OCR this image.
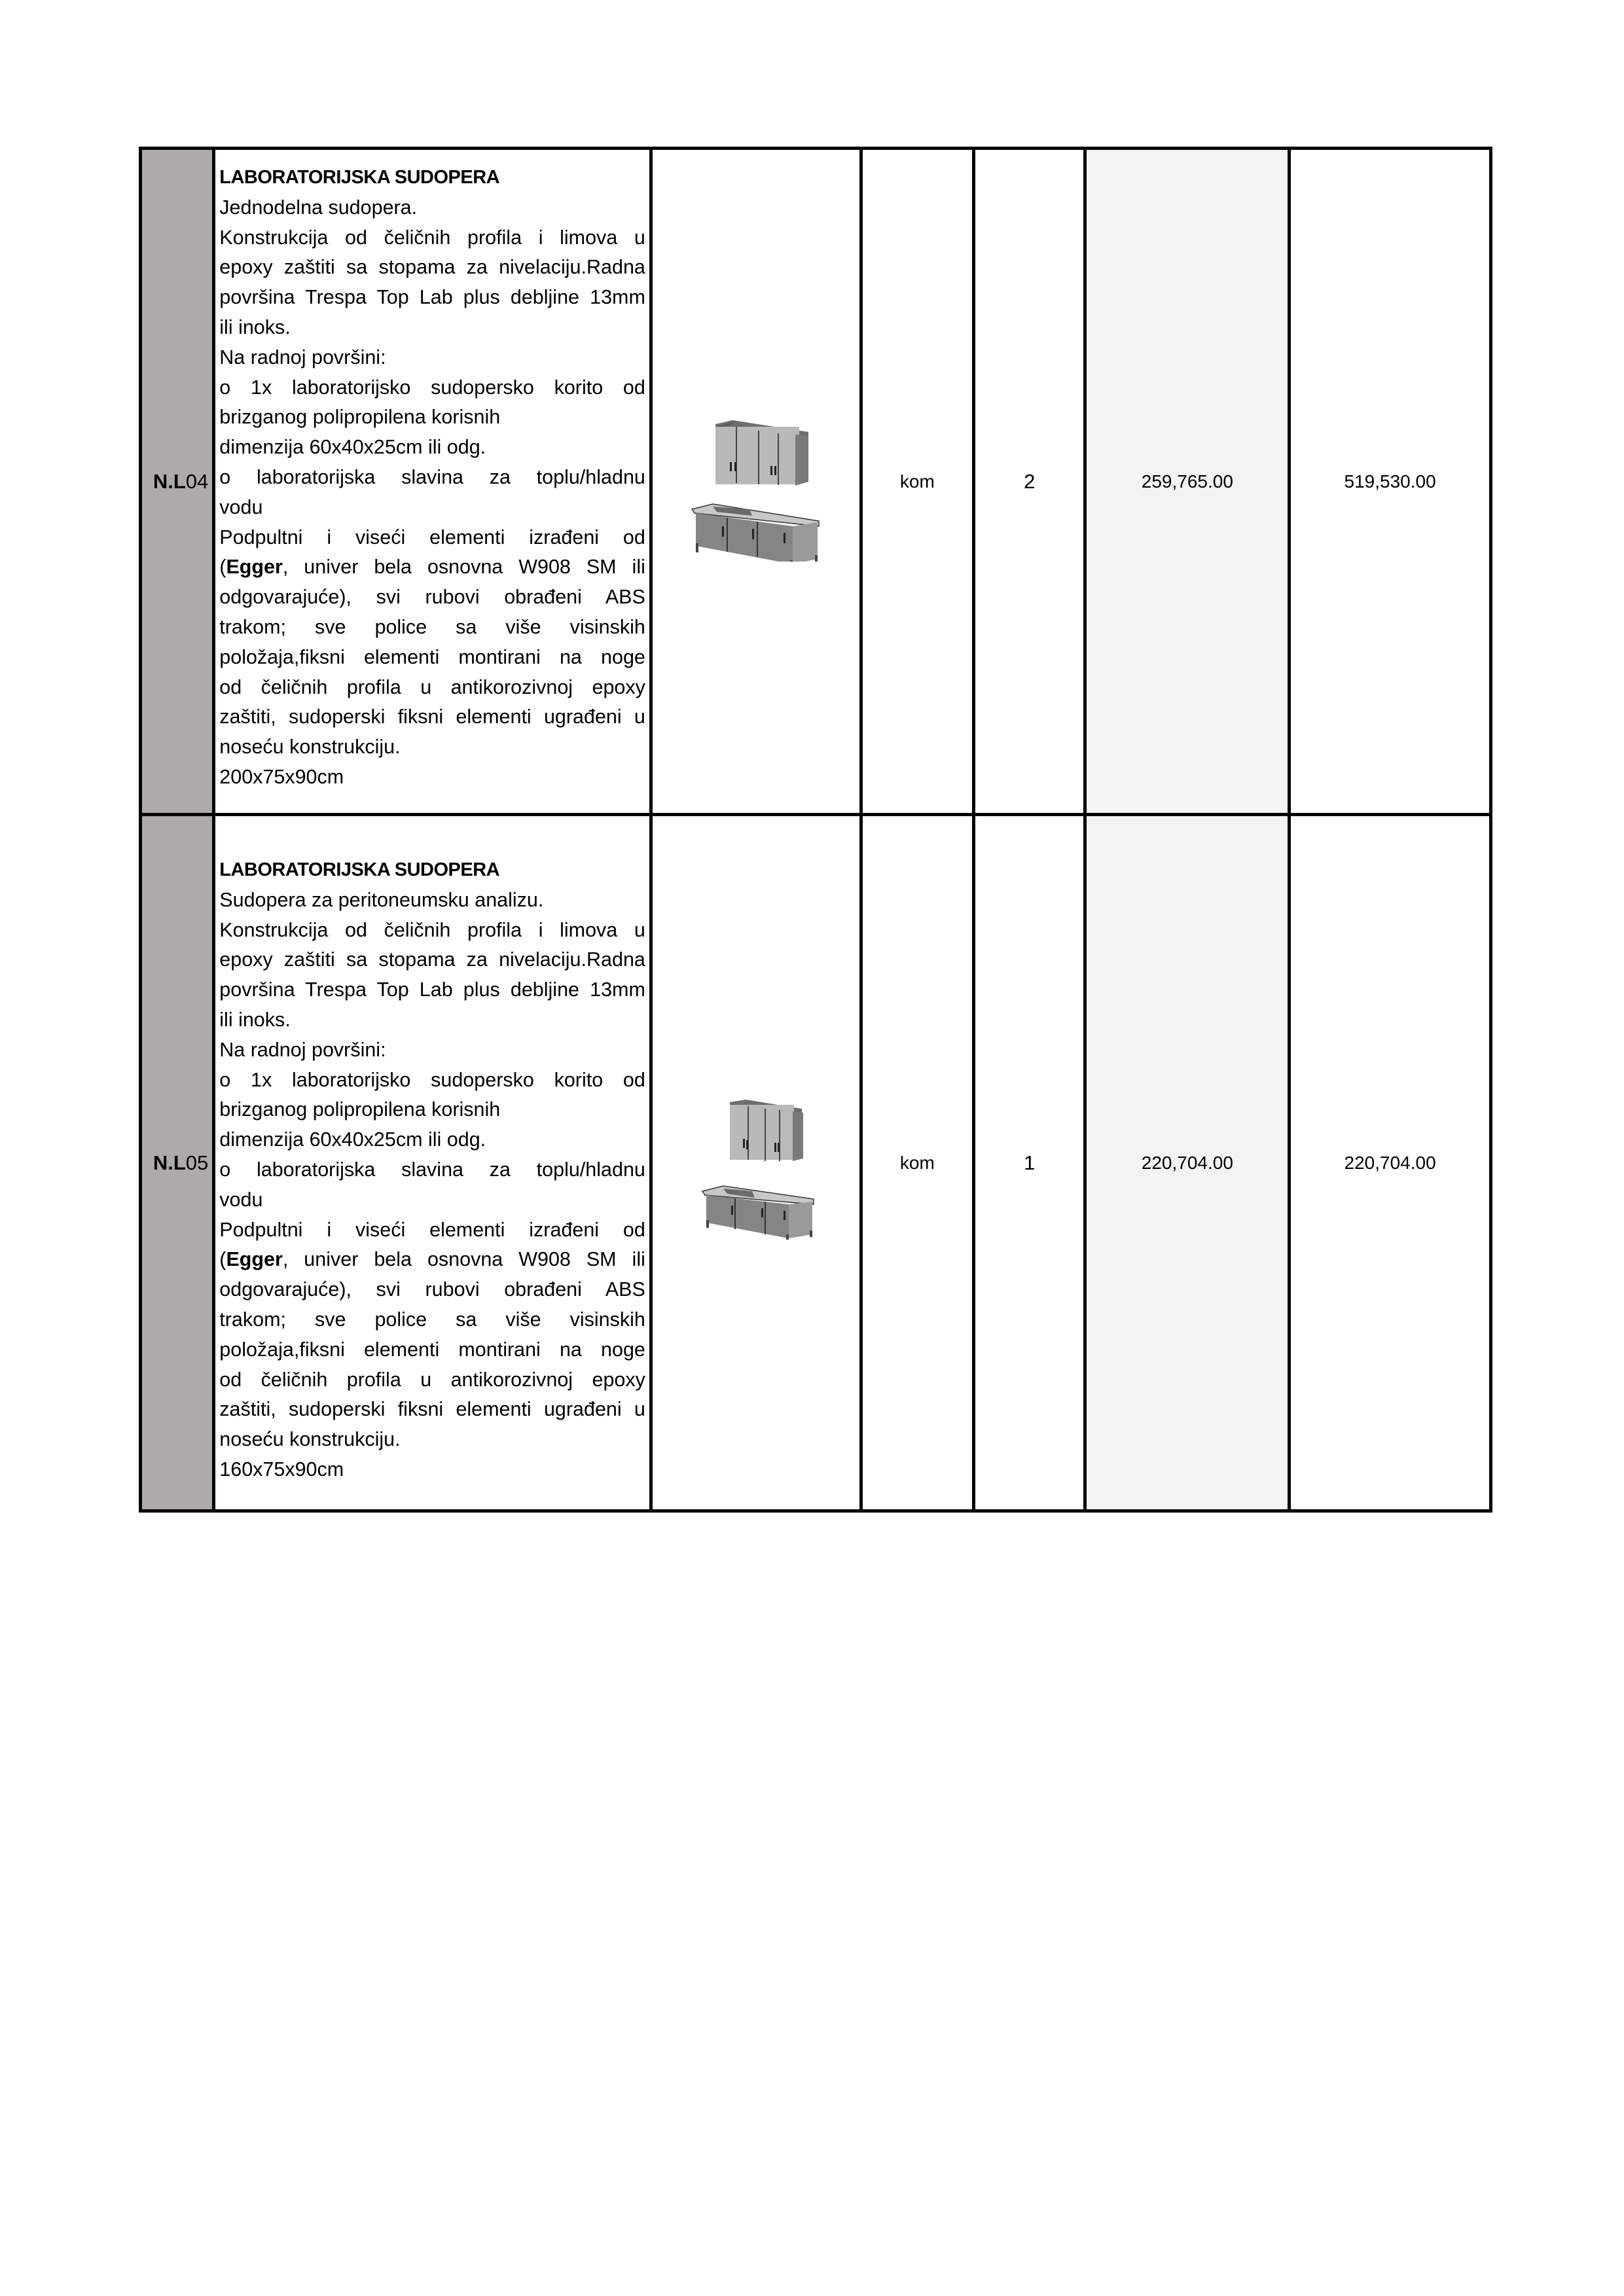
N.L04	
LABORATORIJSKA SUDOPERA
Jednodelna sudopera.
Konstrukcija od čeličnih profila i limova u
epoxy zaštiti sa stopama za nivelaciju.Radna
površina Trespa Top Lab plus debljine 13mm
ili inoks.
Na radnoj površini:
o 1x laboratorijsko sudopersko korito od
brizganog polipropilena korisnih
dimenzija 60x40x25cm ili odg.
o laboratorijska slavina za toplu/hladnu
vodu
Podpultni i viseći elementi izrađeni od
(Egger, univer bela osnovna W908 SM ili
odgovarajuće), svi rubovi obrađeni ABS
trakom; sve police sa više visinskih
položaja,fiksni elementi montirani na noge
od čeličnih profila u antikorozivnoj epoxy
zaštiti, sudoperski fiksni elementi ugrađeni u
noseću konstrukciju.
200x75x90cm
		kom	2	259,765.00	519,530.00
N.L05	
LABORATORIJSKA SUDOPERA
Sudopera za peritoneumsku analizu.
Konstrukcija od čeličnih profila i limova u
epoxy zaštiti sa stopama za nivelaciju.Radna
površina Trespa Top Lab plus debljine 13mm
ili inoks.
Na radnoj površini:
o 1x laboratorijsko sudopersko korito od
brizganog polipropilena korisnih
dimenzija 60x40x25cm ili odg.
o laboratorijska slavina za toplu/hladnu
vodu
Podpultni i viseći elementi izrađeni od
(Egger, univer bela osnovna W908 SM ili
odgovarajuće), svi rubovi obrađeni ABS
trakom; sve police sa više visinskih
položaja,fiksni elementi montirani na noge
od čeličnih profila u antikorozivnoj epoxy
zaštiti, sudoperski fiksni elementi ugrađeni u
noseću konstrukciju.
160x75x90cm
		kom	1	220,704.00	220,704.00
